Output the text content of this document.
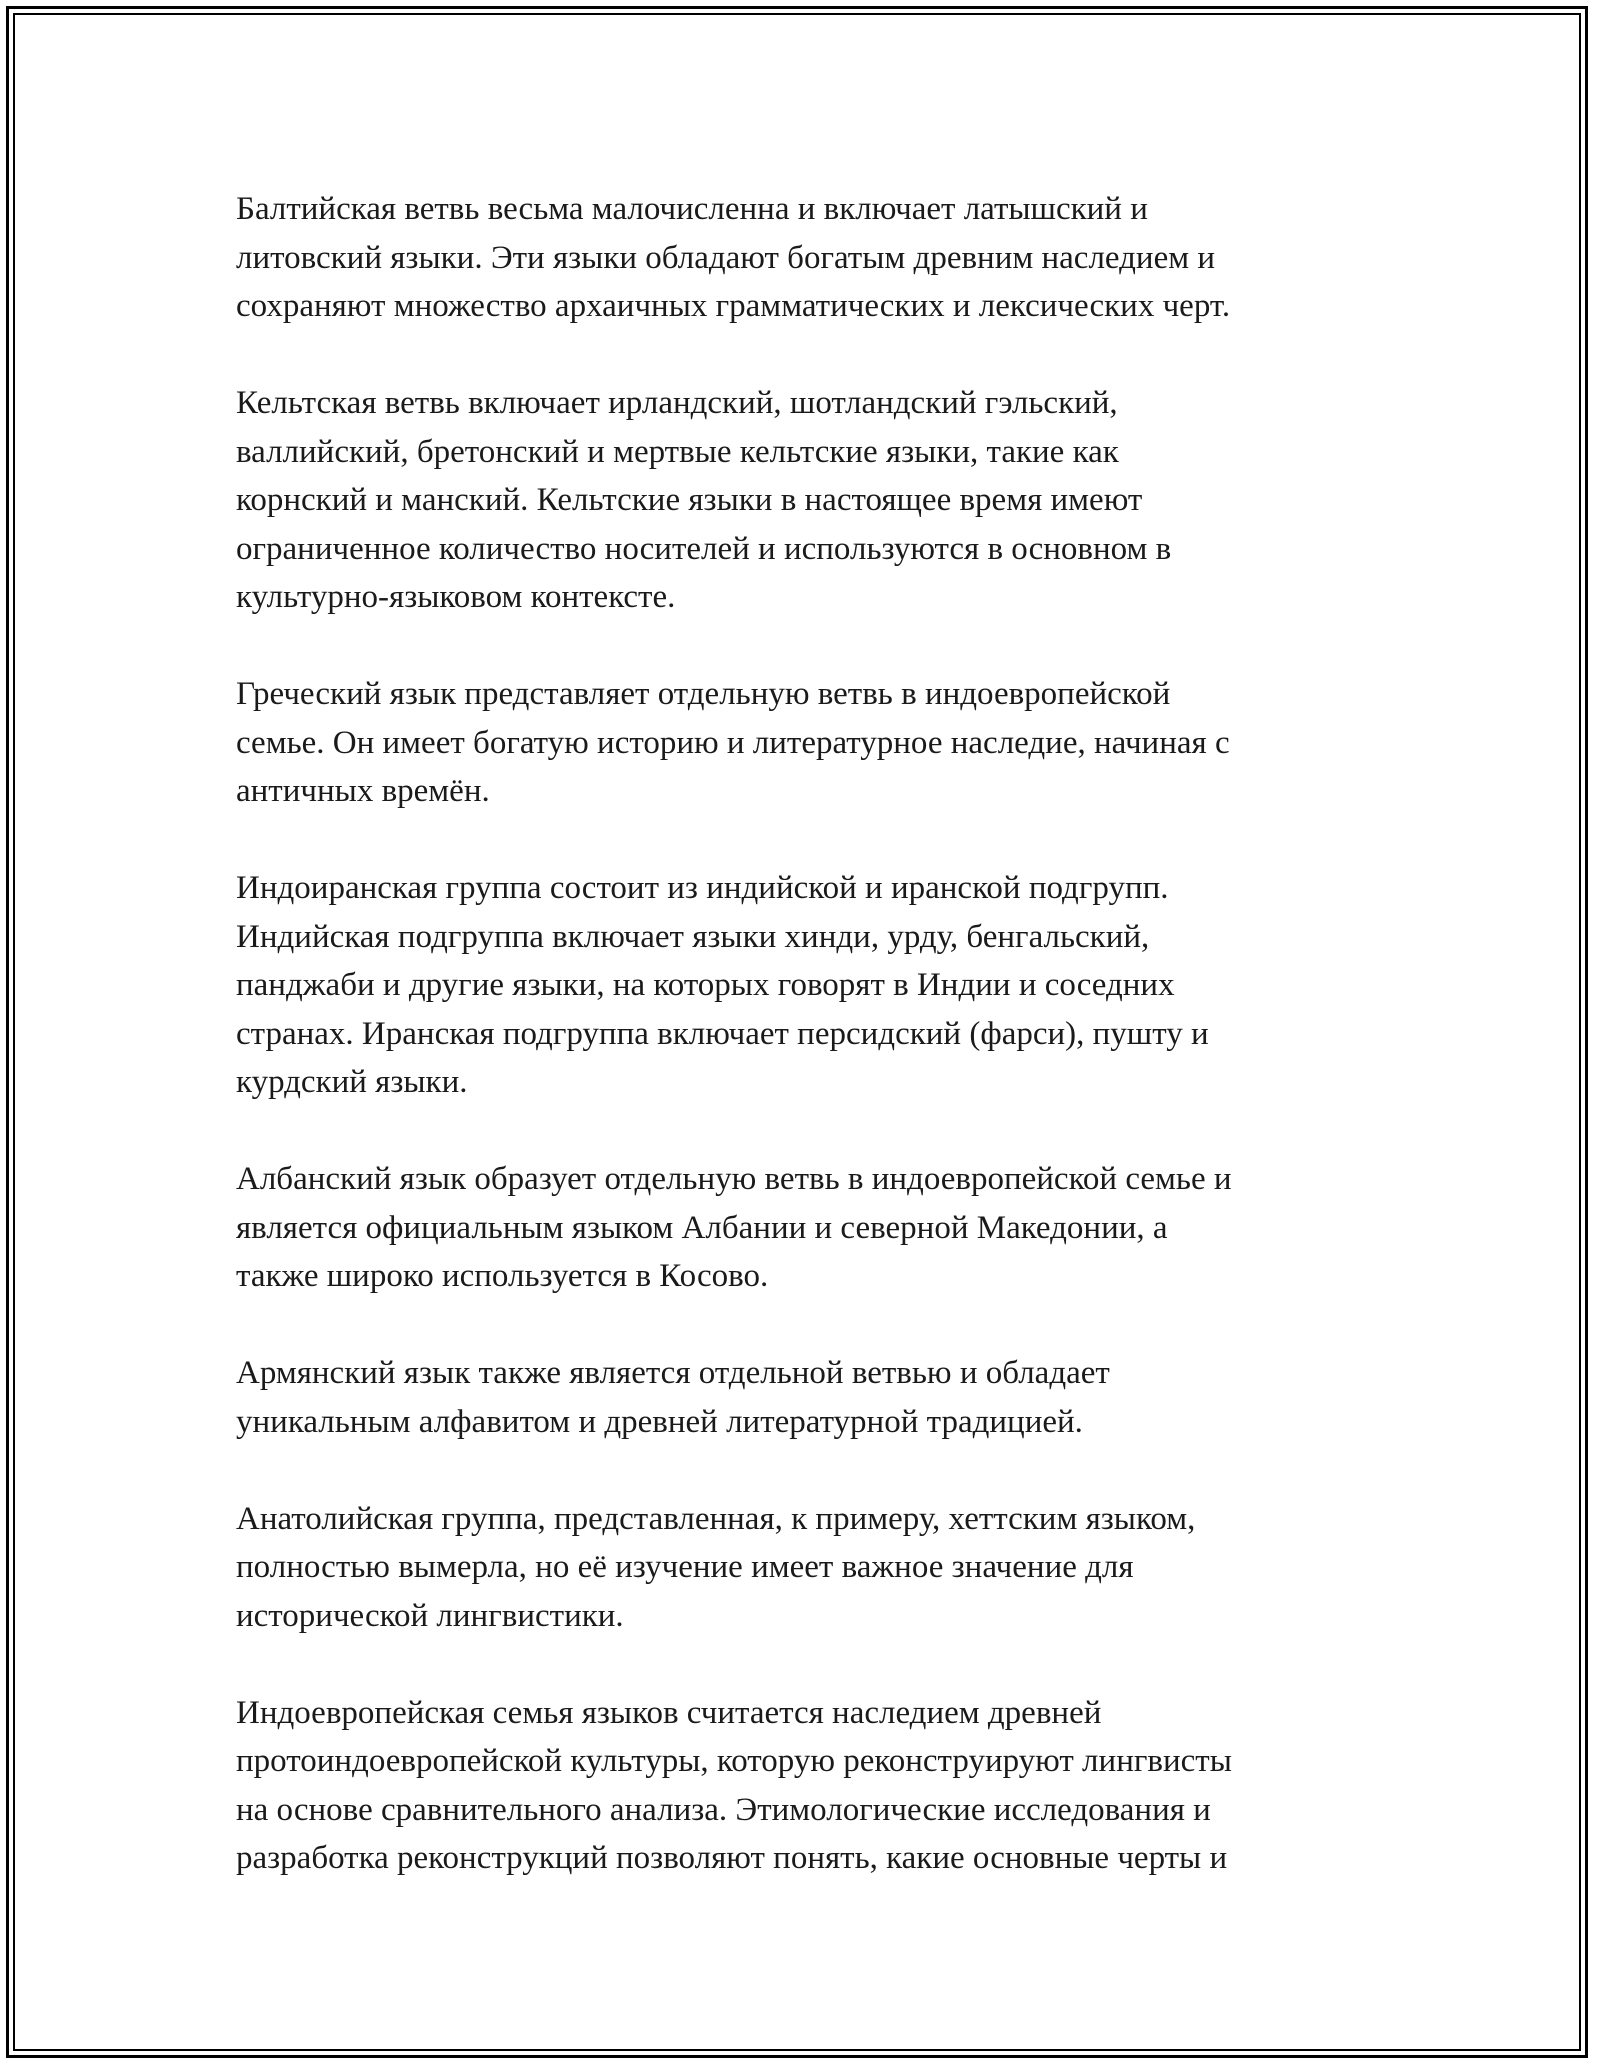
Балтийская ветвь весьма малочисленна и включает латышский и
литовский языки. Эти языки обладают богатым древним наследием и
сохраняют множество архаичных грамматических и лексических черт.

Кельтская ветвь включает ирландский, шотландский гэльский,
валлийский, бретонский и мертвые кельтские языки, такие как
корнский и манский. Кельтские языки в настоящее время имеют
ограниченное количество носителей и используются в основном в
культурно-языковом контексте.

Греческий язык представляет отдельную ветвь в индоевропейской
семье. Он имеет богатую историю и литературное наследие, начиная с
античных времён.

Индоиранская группа состоит из индийской и иранской подгрупп.
Индийская подгруппа включает языки хинди, урду, бенгальский,
панджаби и другие языки, на которых говорят в Индии и соседних
странах. Иранская подгруппа включает персидский (фарси), пушту и
курдский языки.

Албанский язык образует отдельную ветвь в индоевропейской семье и
является официальным языком Албании и северной Македонии, а
также широко используется в Косово.

Армянский язык также является отдельной ветвью и обладает
уникальным алфавитом и древней литературной традицией.

Анатолийская группа, представленная, к примеру, хеттским языком,
полностью вымерла, но её изучение имеет важное значение для
исторической лингвистики.

Индоевропейская семья языков считается наследием древней
протоиндоевропейской культуры, которую реконструируют лингвисты
на основе сравнительного анализа. Этимологические исследования и
разработка реконструкций позволяют понять, какие основные черты и
